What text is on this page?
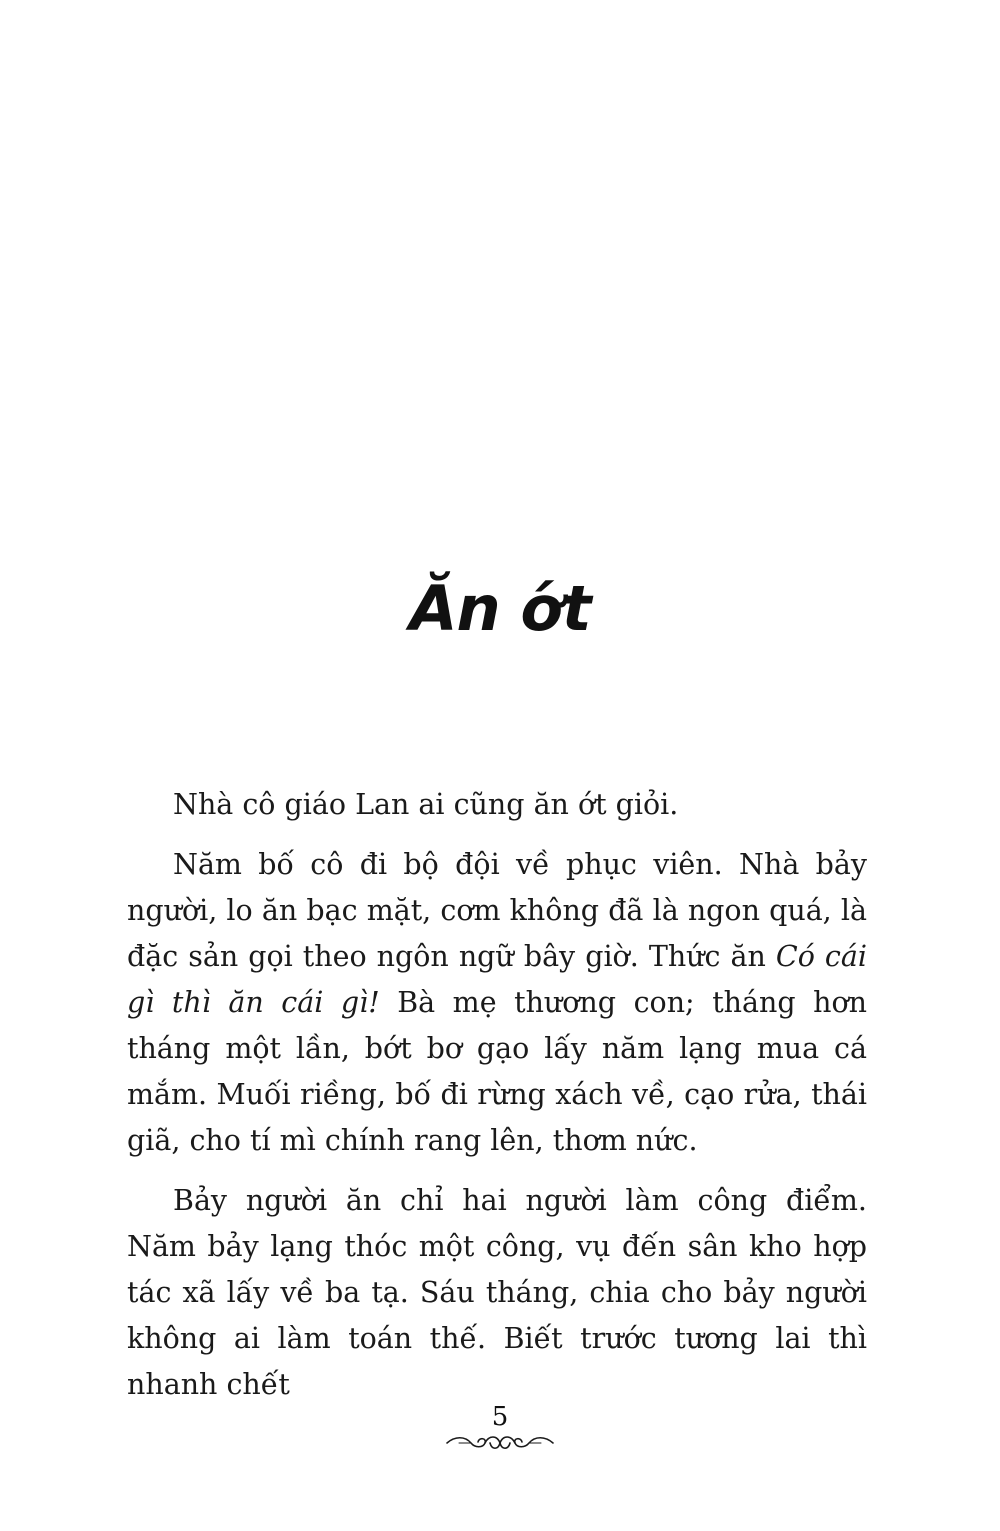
Ăn ớt

Nhà cô giáo Lan ai cũng ăn ớt giỏi.

Năm bố cô đi bộ đội về phục viên. Nhà bảy người, lo ăn bạc mặt, cơm không đã là ngon quá, là đặc sản gọi theo ngôn ngữ bây giờ. Thức ăn Có cái gì thì ăn cái gì! Bà mẹ thương con; tháng hơn tháng một lần, bớt bơ gạo lấy năm lạng mua cá mắm. Muối riềng, bố đi rừng xách về, cạo rửa, thái giã, cho tí mì chính rang lên, thơm nức.

Bảy người ăn chỉ hai người làm công điểm. Năm bảy lạng thóc một công, vụ đến sân kho hợp tác xã lấy về ba tạ. Sáu tháng, chia cho bảy người không ai làm toán thế. Biết trước tương lai thì nhanh chết

5
